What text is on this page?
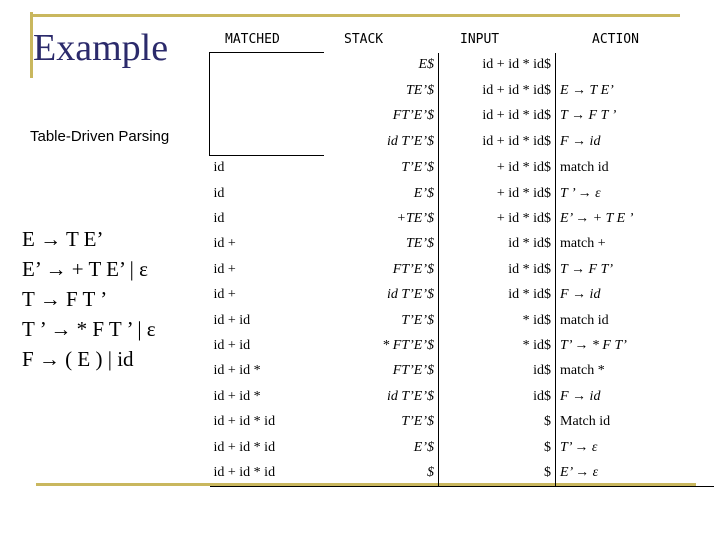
Example
Table-Driven Parsing
E → T E’
E’ → + T E’ | ε
T → F T ’
T ’ → * F T ’ | ε
F → ( E ) | id
MATCHED	STACK	INPUT	ACTION
	E$	id + id * id$	
	TE’$	id + id * id$	E → T E’
	FT’E’$	id + id * id$	T → F T ’
	id T’E’$	id + id * id$	F → id
id	T’E’$	+ id * id$	match id
id	E’$	+ id * id$	T ’ → ε
id	+TE’$	+ id * id$	E’ → + T E ’
id +	TE’$	id * id$	match +
id +	FT’E’$	id * id$	T → F T’
id +	id T’E’$	id * id$	F → id
id + id	T’E’$	* id$	match id
id + id	* FT’E’$	* id$	T’ → * F T’
id + id *	FT’E’$	id$	match *
id + id *	id T’E’$	id$	F → id
id + id * id	T’E’$	$	Match id
id + id * id	E’$	$	T’ → ε
id + id * id	$	$	E’ → ε
